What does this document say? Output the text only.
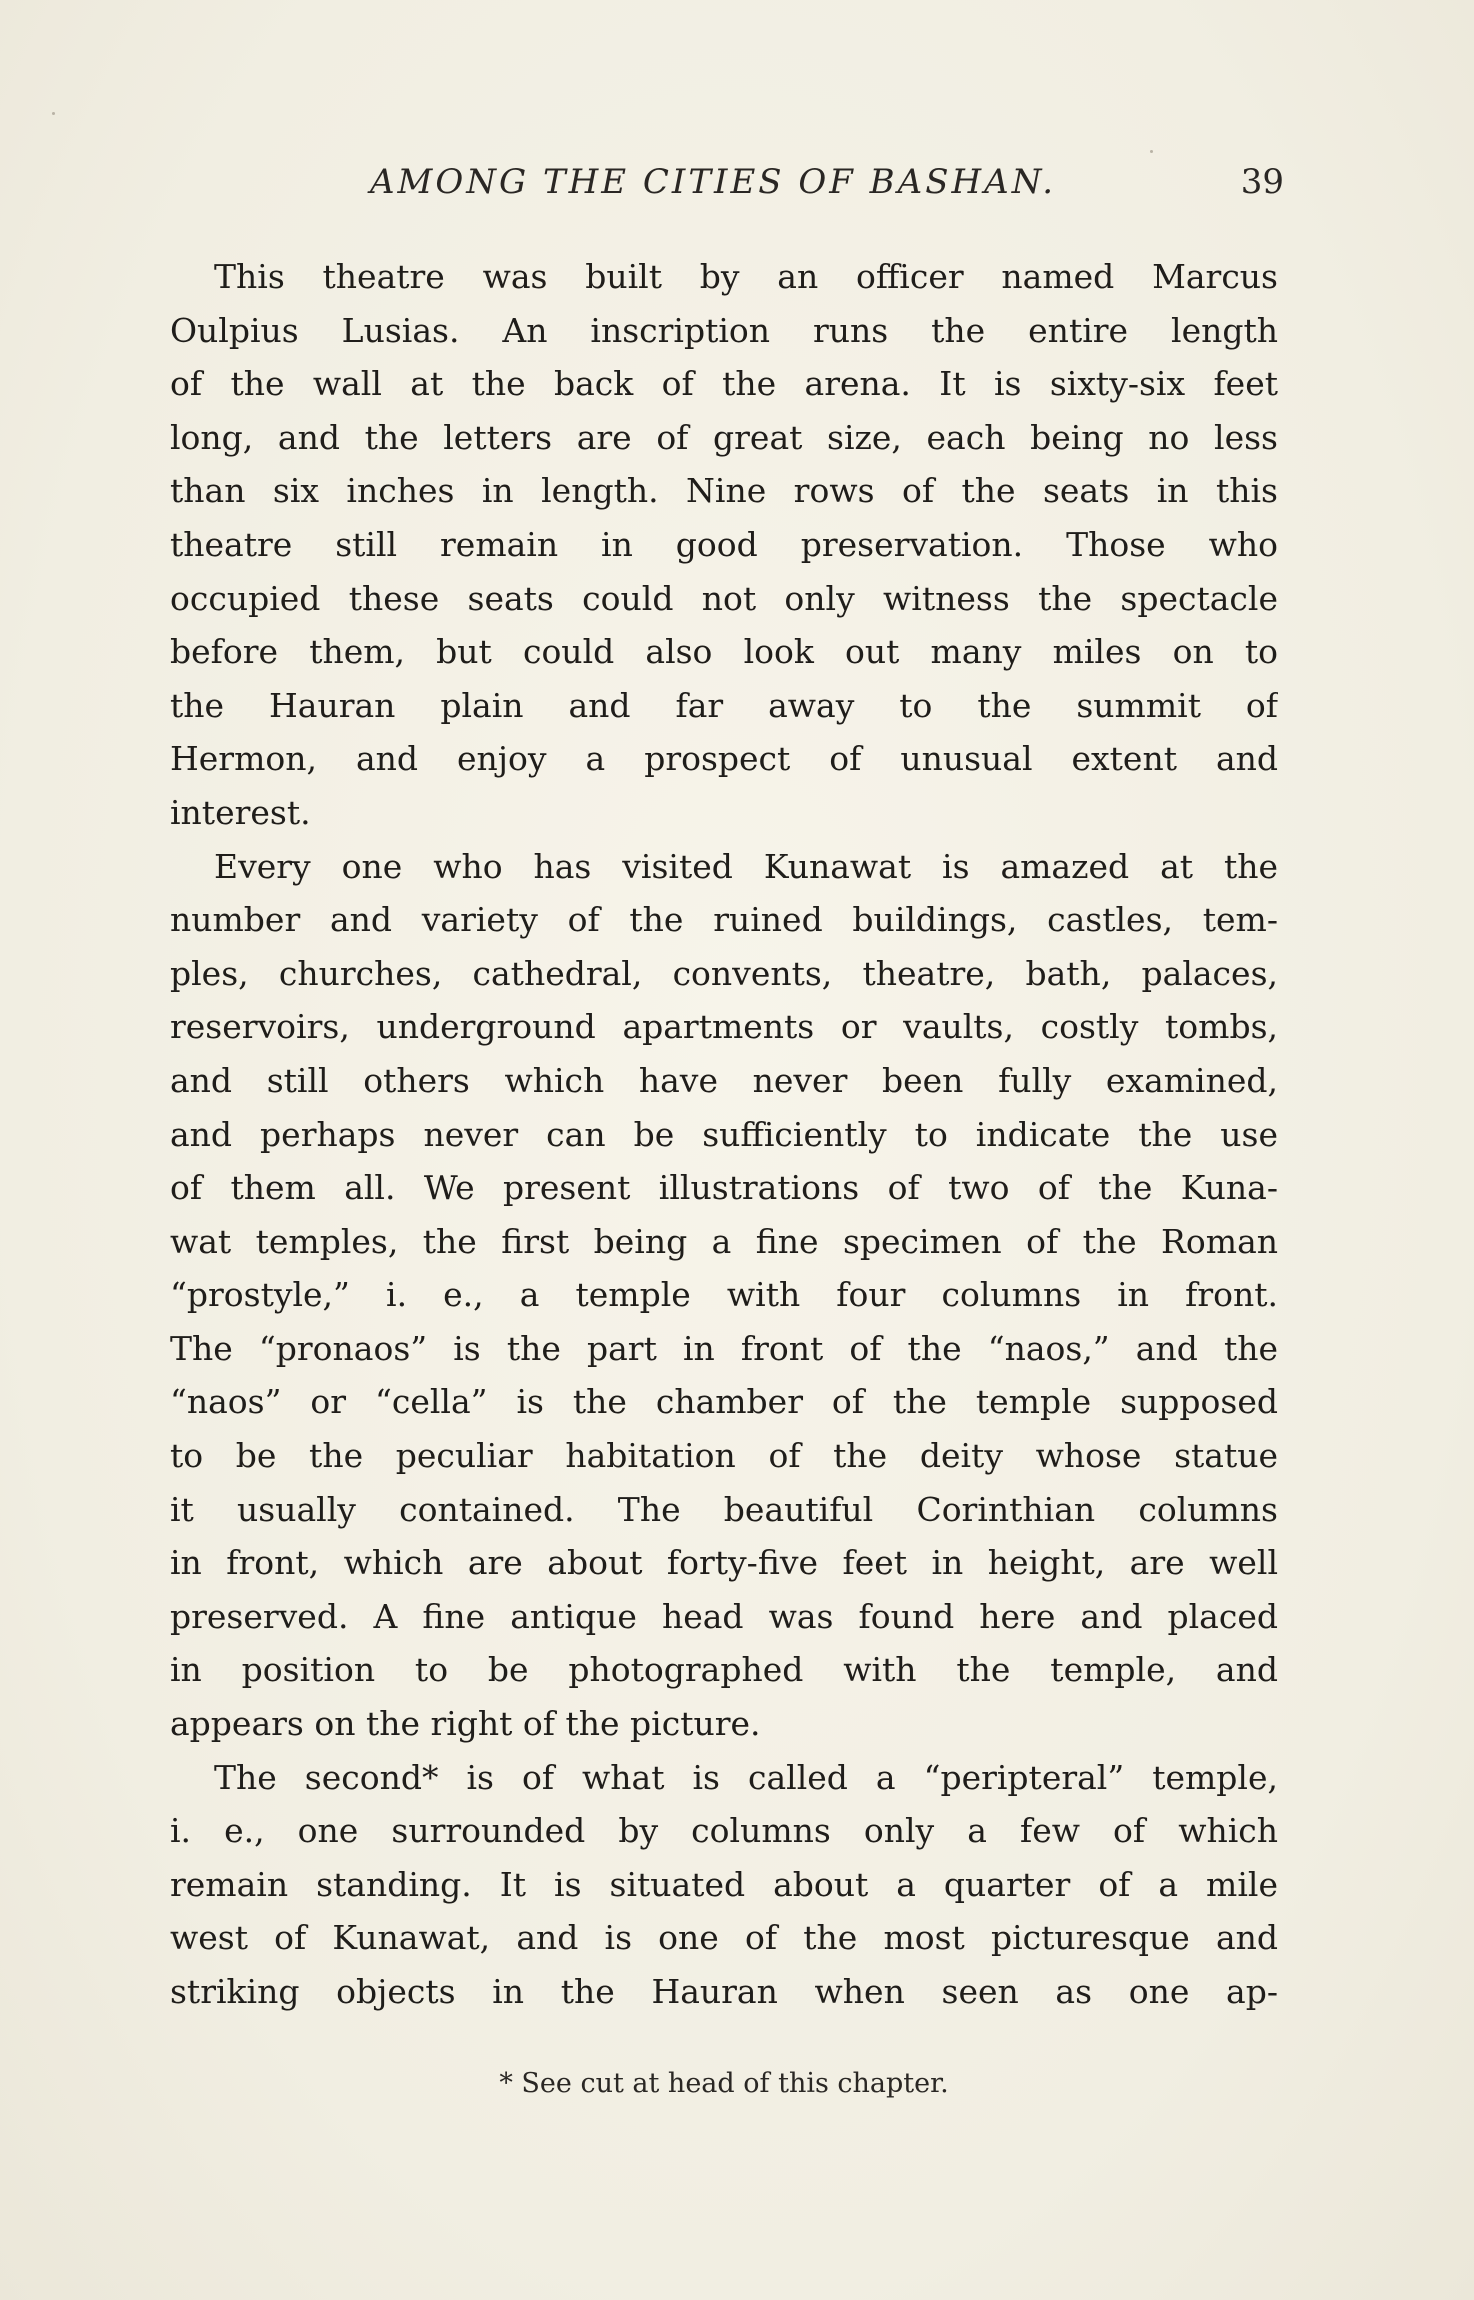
AMONG THE CITIES OF BASHAN.	39
This theatre was built by an officer named Marcus
Oulpius Lusias. An inscription runs the entire length
of the wall at the back of the arena. It is sixty-six feet
long, and the letters are of great size, each being no less
than six inches in length. Nine rows of the seats in this
theatre still remain in good preservation. Those who
occupied these seats could not only witness the spectacle
before them, but could also look out many miles on to
the Hauran plain and far away to the summit of
Hermon, and enjoy a prospect of unusual extent and
interest.
Every one who has visited Kunawat is amazed at the
number and variety of the ruined buildings, castles, tem-
ples, churches, cathedral, convents, theatre, bath, palaces,
reservoirs, underground apartments or vaults, costly tombs,
and still others which have never been fully examined,
and perhaps never can be sufficiently to indicate the use
of them all. We present illustrations of two of the Kuna-
wat temples, the first being a fine specimen of the Roman
“prostyle,” i. e., a temple with four columns in front.
The “pronaos” is the part in front of the “naos,” and the
“naos” or “cella” is the chamber of the temple supposed
to be the peculiar habitation of the deity whose statue
it usually contained. The beautiful Corinthian columns
in front, which are about forty-five feet in height, are well
preserved. A fine antique head was found here and placed
in position to be photographed with the temple, and
appears on the right of the picture.
The second* is of what is called a “peripteral” temple,
i. e., one surrounded by columns only a few of which
remain standing. It is situated about a quarter of a mile
west of Kunawat, and is one of the most picturesque and
striking objects in the Hauran when seen as one ap-
* See cut at head of this chapter.
